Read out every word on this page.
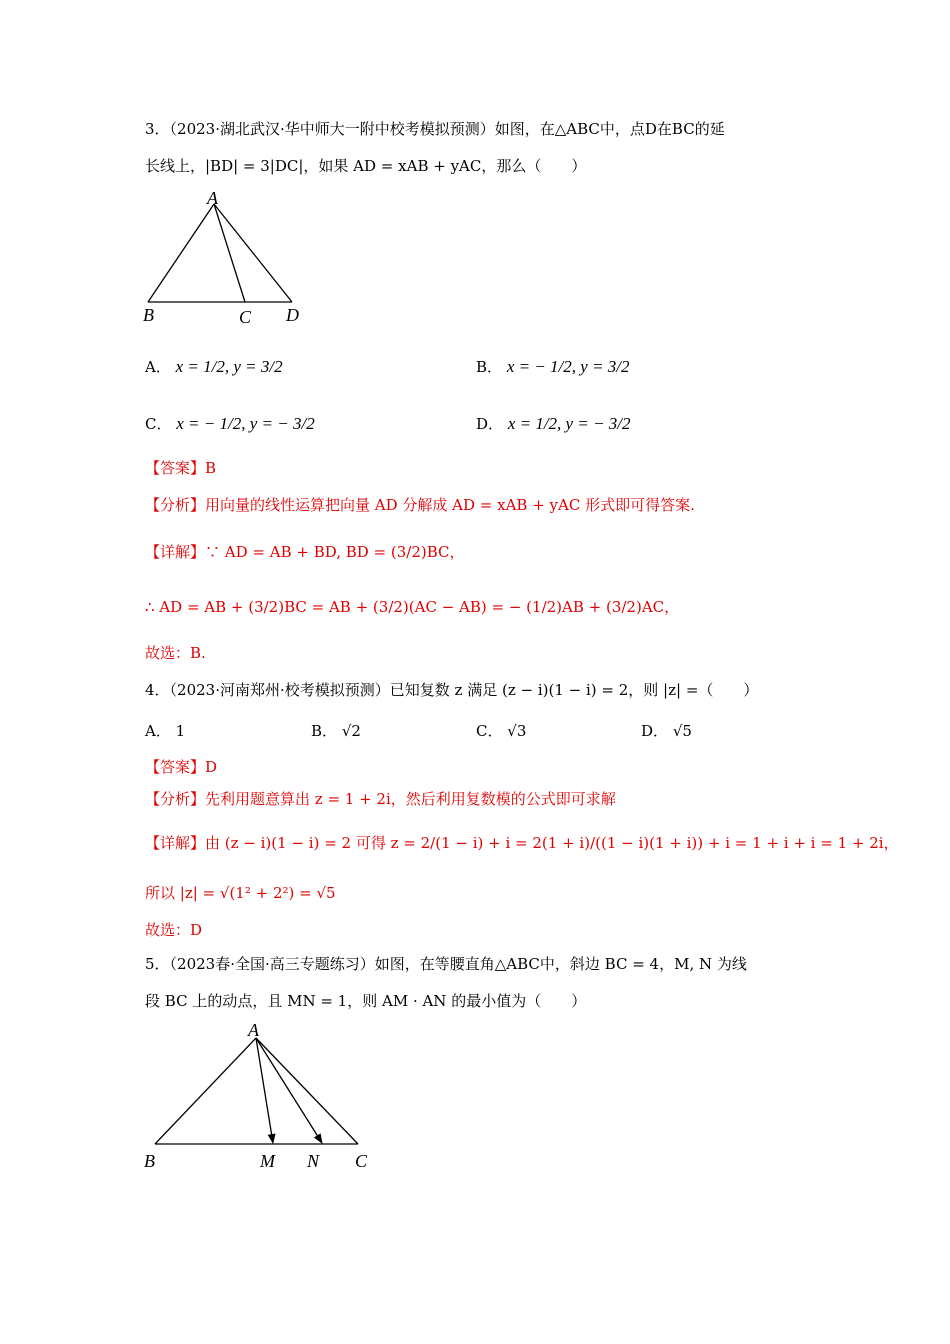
3．（2023·湖北武汉·华中师大一附中校考模拟预测）如图，在△ABC中，点D在BC的延
长线上，|BD| = 3|DC|，如果 AD = xAB + yAC，那么（　　）
A
B	C D
A． x = 1/2, y = 3/2	B． x = − 1/2, y = 3/2
C． x = − 1/2, y = − 3/2	D． x = 1/2, y = − 3/2
【答案】B
【分析】用向量的线性运算把向量 AD 分解成 AD = xAB + yAC 形式即可得答案.
【详解】∵ AD = AB + BD, BD = (3/2)BC，
∴ AD = AB + (3/2)BC = AB + (3/2)(AC − AB) = − (1/2)AB + (3/2)AC，
故选：B.
4．（2023·河南郑州·校考模拟预测）已知复数 z 满足 (z − i)(1 − i) = 2，则 |z| =（　　）
A． 1	B． √2	C． √3	D． √5
【答案】D
【分析】先利用题意算出 z = 1 + 2i，然后利用复数模的公式即可求解
【详解】由 (z − i)(1 − i) = 2 可得 z = 2/(1 − i) + i = 2(1 + i)/((1 − i)(1 + i)) + i = 1 + i + i = 1 + 2i，
所以 |z| = √(1² + 2²) = √5
故选：D
5．（2023春·全国·高三专题练习）如图，在等腰直角△ABC中，斜边 BC = 4，M, N 为线
段 BC 上的动点，且 MN = 1，则 AM · AN 的最小值为（　　）
A
B	M N C
